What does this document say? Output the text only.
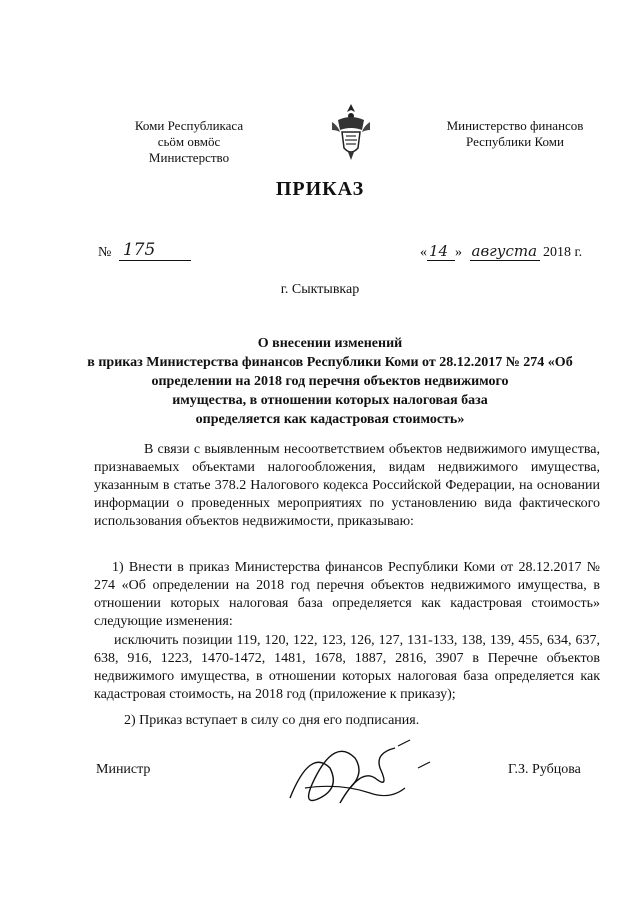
Коми Республикаса
сьӧм овмӧс
Министерство
Министерство финансов
Республики Коми
ПРИКАЗ
№ 175	« 14 » августа 2018 г.
г. Сыктывкар
О внесении изменений
в приказ Министерства финансов Республики Коми от 28.12.2017 № 274 «Об
определении на 2018 год перечня объектов недвижимого
имущества, в отношении которых налоговая база
определяется как кадастровая стоимость»
В связи с выявленным несоответствием объектов недвижимого имущества, признаваемых объектами налогообложения, видам недвижимого имущества, указанным в статье 378.2 Налогового кодекса Российской Федерации, на основании информации о проведенных мероприятиях по установлению вида фактического использования объектов недвижимости, приказываю:
1) Внести в приказ Министерства финансов Республики Коми от 28.12.2017 № 274 «Об определении на 2018 год перечня объектов недвижимого имущества, в отношении которых налоговая база определяется как кадастровая стоимость» следующие изменения:
исключить позиции 119, 120, 122, 123, 126, 127, 131-133, 138, 139, 455, 634, 637, 638, 916, 1223, 1470-1472, 1481, 1678, 1887, 2816, 3907 в Перечне объектов недвижимого имущества, в отношении которых налоговая база определяется как кадастровая стоимость, на 2018 год (приложение к приказу);
2) Приказ вступает в силу со дня его подписания.
Министр	Г.З. Рубцова
